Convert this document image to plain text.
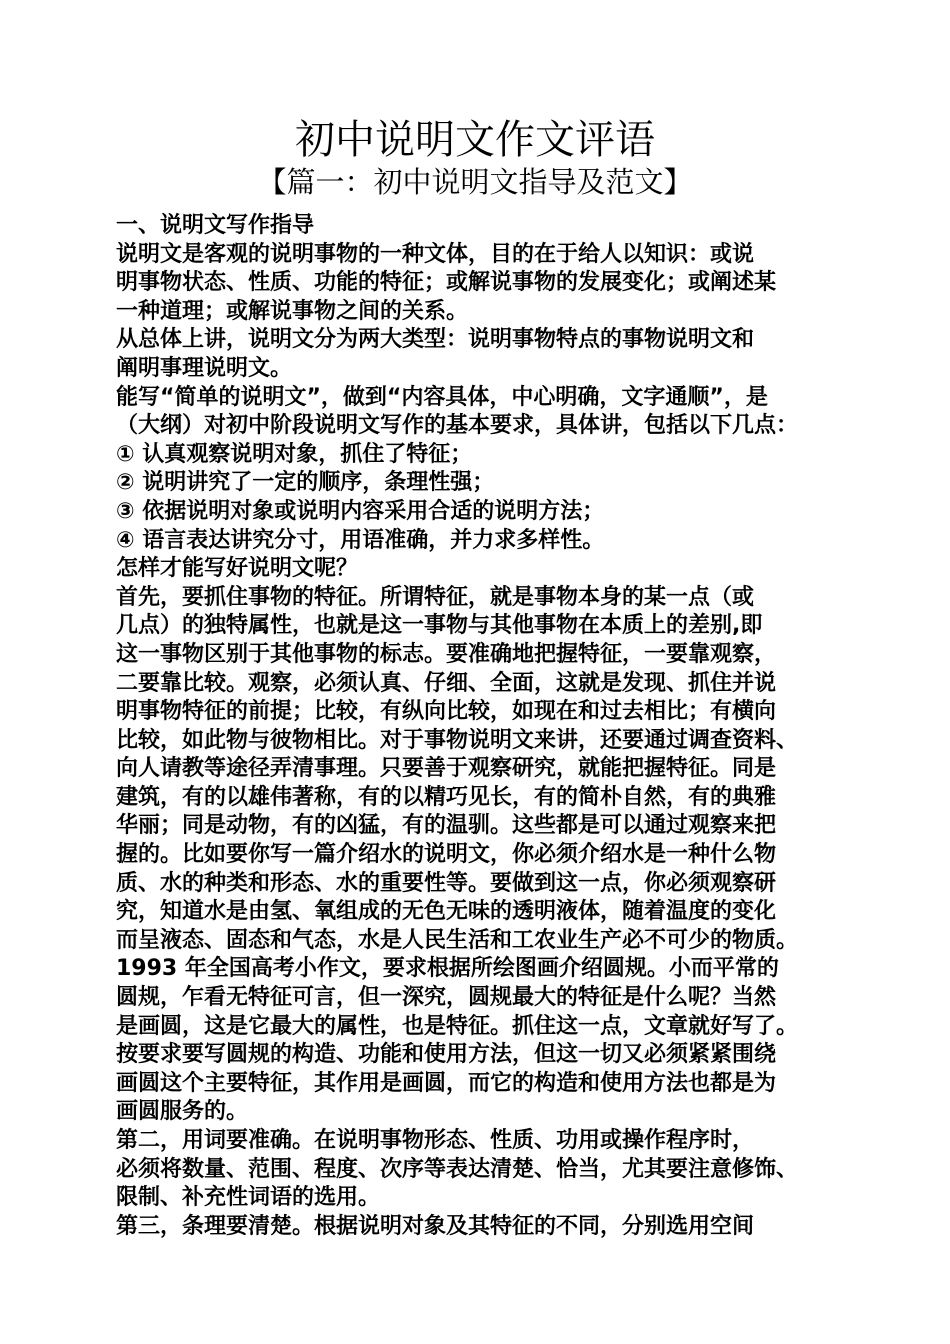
初中说明文作文评语
【篇一：初中说明文指导及范文】
一、说明文写作指导
说明文是客观的说明事物的一种文体，目的在于给人以知识：或说
明事物状态、性质、功能的特征；或解说事物的发展变化；或阐述某
一种道理；或解说事物之间的关系。
从总体上讲，说明文分为两大类型：说明事物特点的事物说明文和
阐明事理说明文。
能写“简单的说明文”，做到“内容具体，中心明确，文字通顺”，是
（大纲）对初中阶段说明文写作的基本要求，具体讲，包括以下几点：
① 认真观察说明对象，抓住了特征；
② 说明讲究了一定的顺序，条理性强；
③ 依据说明对象或说明内容采用合适的说明方法；
④ 语言表达讲究分寸，用语准确，并力求多样性。
怎样才能写好说明文呢？
首先，要抓住事物的特征。所谓特征，就是事物本身的某一点（或
几点）的独特属性，也就是这一事物与其他事物在本质上的差别,即
这一事物区别于其他事物的标志。要准确地把握特征，一要靠观察，
二要靠比较。观察，必须认真、仔细、全面，这就是发现、抓住并说
明事物特征的前提；比较，有纵向比较，如现在和过去相比；有横向
比较，如此物与彼物相比。对于事物说明文来讲，还要通过调查资料、
向人请教等途径弄清事理。只要善于观察研究，就能把握特征。同是
建筑，有的以雄伟著称，有的以精巧见长，有的简朴自然，有的典雅
华丽；同是动物，有的凶猛，有的温驯。这些都是可以通过观察来把
握的。比如要你写一篇介绍水的说明文，你必须介绍水是一种什么物
质、水的种类和形态、水的重要性等。要做到这一点，你必须观察研
究，知道水是由氢、氧组成的无色无味的透明液体，随着温度的变化
而呈液态、固态和气态，水是人民生活和工农业生产必不可少的物质。
1993 年全国高考小作文，要求根据所绘图画介绍圆规。小而平常的
圆规，乍看无特征可言，但一深究，圆规最大的特征是什么呢？当然
是画圆，这是它最大的属性，也是特征。抓住这一点，文章就好写了。
按要求要写圆规的构造、功能和使用方法，但这一切又必须紧紧围绕
画圆这个主要特征，其作用是画圆，而它的构造和使用方法也都是为
画圆服务的。
第二，用词要准确。在说明事物形态、性质、功用或操作程序时，
必须将数量、范围、程度、次序等表达清楚、恰当，尤其要注意修饰、
限制、补充性词语的选用。
第三，条理要清楚。根据说明对象及其特征的不同，分别选用空间
